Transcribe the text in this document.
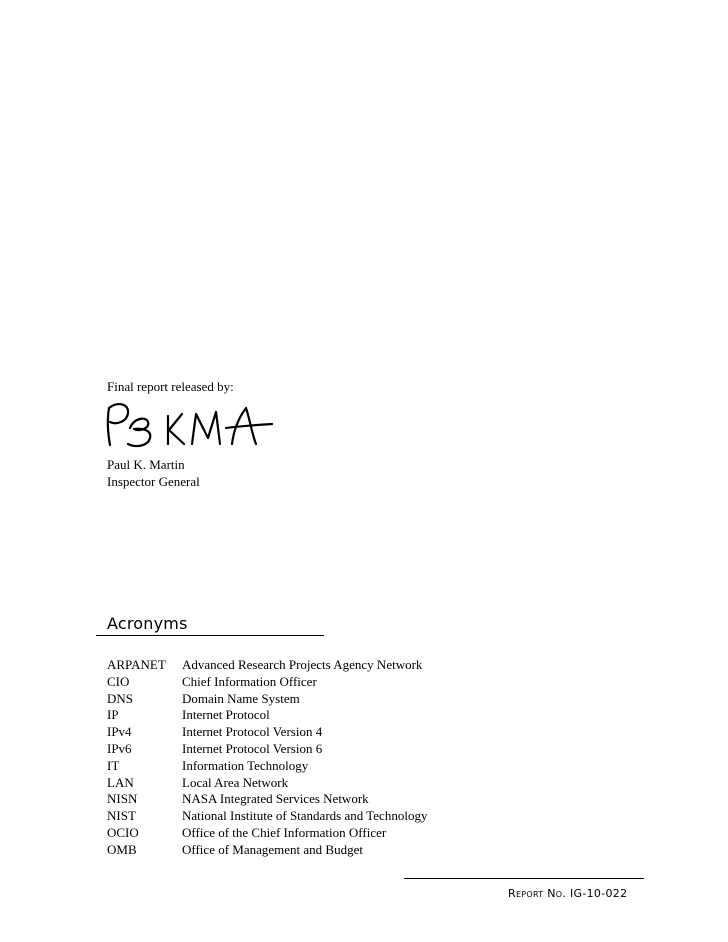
Final report released by:
Paul K. Martin
Inspector General
Acronyms
ARPANET	Advanced Research Projects Agency Network
CIO	Chief Information Officer
DNS	Domain Name System
IP	Internet Protocol
IPv4	Internet Protocol Version 4
IPv6	Internet Protocol Version 6
IT	Information Technology
LAN	Local Area Network
NISN	NASA Integrated Services Network
NIST	National Institute of Standards and Technology
OCIO	Office of the Chief Information Officer
OMB	Office of Management and Budget
Report No. IG-10-022
